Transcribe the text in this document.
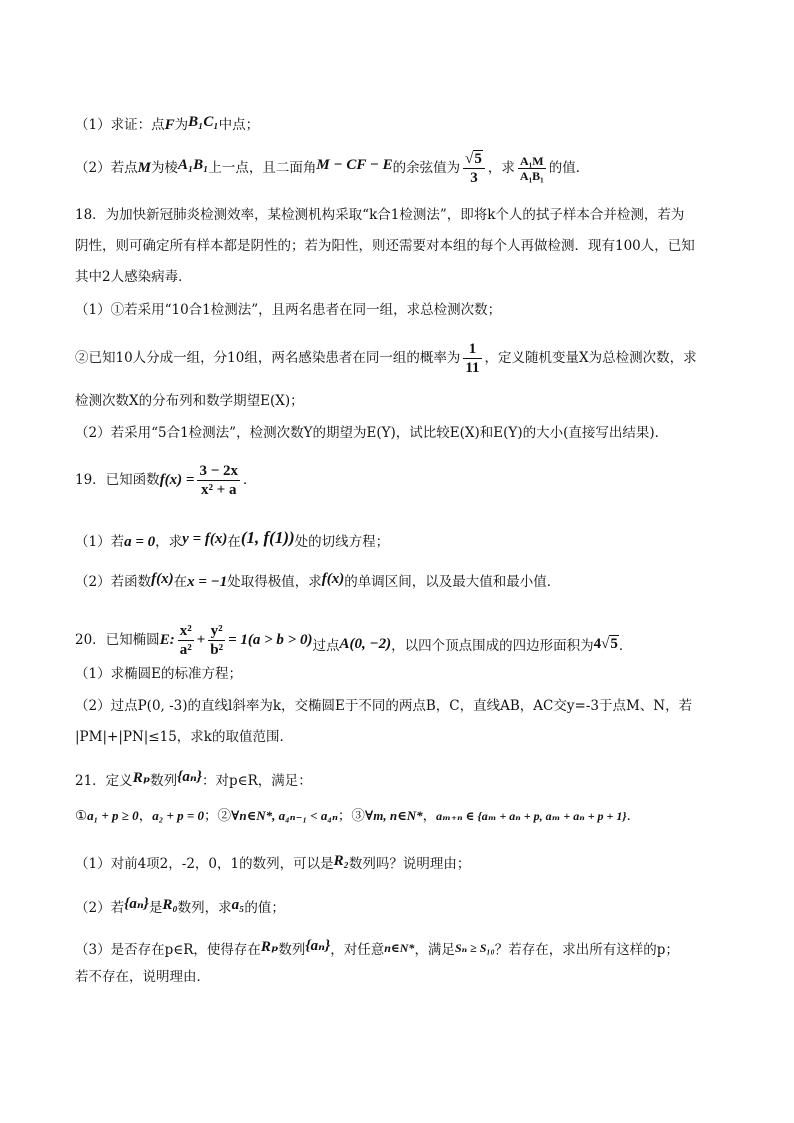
（1）求证：点F为B₁C₁中点；
（2）若点M为棱A₁B₁上一点，且二面角M − CF − E的余弦值为 $\frac{√5}{3}$ ，求 $\frac{\text{A₁M}}{\text{A₁B₁}}$ 的值．
18．为加快新冠肺炎检测效率，某检测机构采取“k合1检测法”，即将k个人的拭子样本合并检测，若为
阴性，则可确定所有样本都是阴性的；若为阳性，则还需要对本组的每个人再做检测．现有100人，已知
其中2人感染病毒．
（1）①若采用“10合1检测法”，且两名患者在同一组，求总检测次数；
②已知10人分成一组，分10组，两名感染患者在同一组的概率为 $\frac{1}{11}$ ，定义随机变量X为总检测次数，求
检测次数X的分布列和数学期望E(X)；
（2）若采用“5合1检测法”，检测次数Y的期望为E(Y)，试比较E(X)和E(Y)的大小(直接写出结果)．
19．已知函数$f(x) = \frac{3 - 2x}{\text{x² + a}}$ ．
（1）若a = 0，求y = f(x)在(1, f(1))处的切线方程；
（2）若函数f(x)在x = −1处取得极值，求f(x)的单调区间，以及最大值和最小值．
20．已知椭圆E: $\frac{\text{x²}}{\text{a²}} + \frac{\text{y²}}{\text{b²}} = 1(a > b > 0)$过点A(0, −2)，以四个顶点围成的四边形面积为4√5．
（1）求椭圆E的标准方程；
（2）过点P(0, -3)的直线l斜率为k，交椭圆E于不同的两点B，C，直线AB，AC交y=-3于点M、N，若
|PM|+|PN|≤15，求k的取值范围．
21．定义Rₚ数列{aₙ}：对p∈R，满足：
①a₁ + p ≥ 0，a₂ + p = 0；②∀n∈N*, a₄ₙ₋₁ < a₄ₙ；③∀m, n∈N*，aₘ₊ₙ ∈ {aₘ + aₙ + p, aₘ + aₙ + p + 1}．
（1）对前4项2，-2，0，1的数列，可以是R₂数列吗？说明理由；
（2）若{aₙ}是R₀数列，求a₅的值；
（3）是否存在p∈R，使得存在Rₚ数列{aₙ}，对任意n∈N*，满足Sₙ ≥ S₁₀？若存在，求出所有这样的p；
若不存在，说明理由．
